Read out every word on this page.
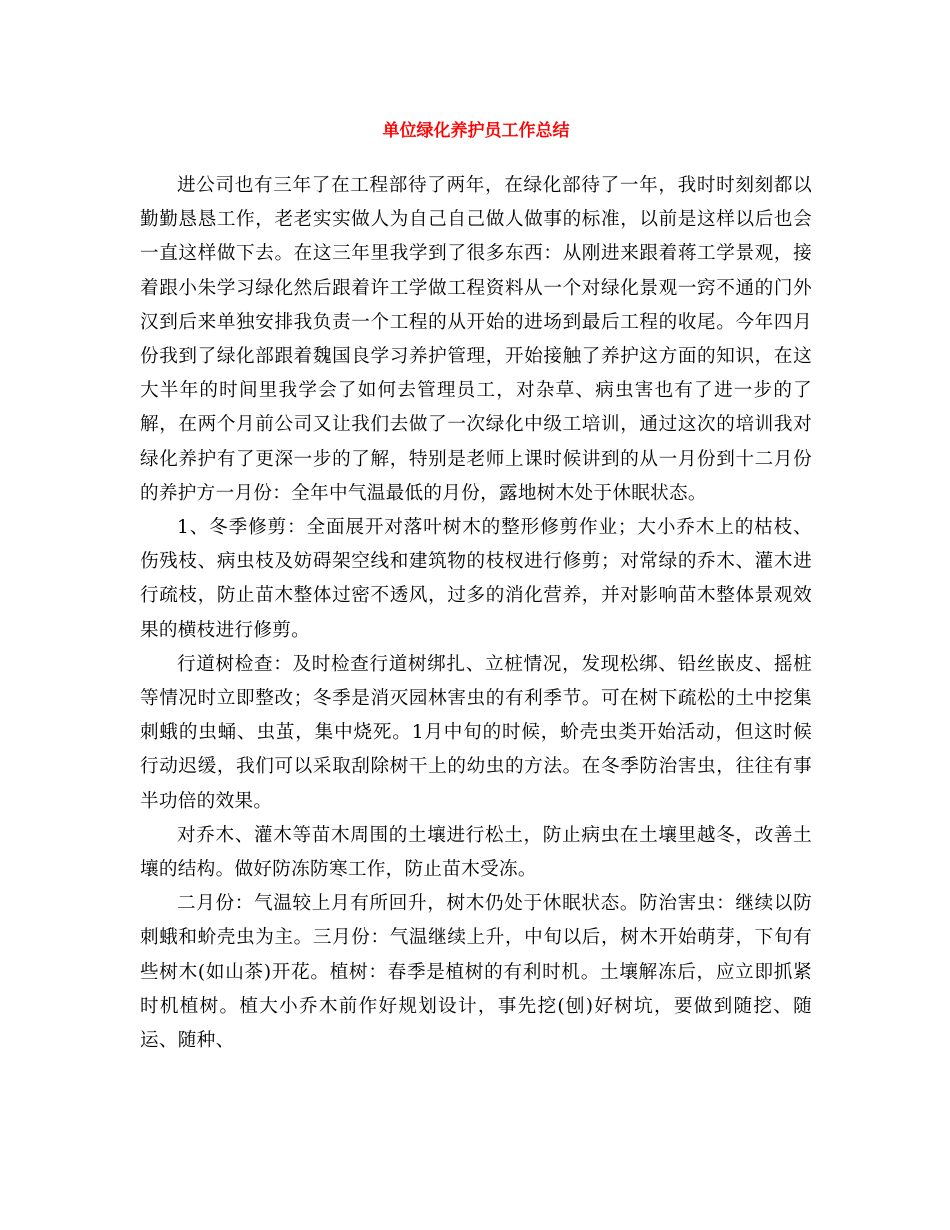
单位绿化养护员工作总结

进公司也有三年了在工程部待了两年，在绿化部待了一年，我时时刻刻都以勤勤恳恳工作，老老实实做人为自己自己做人做事的标准，以前是这样以后也会一直这样做下去。在这三年里我学到了很多东西：从刚进来跟着蒋工学景观，接着跟小朱学习绿化然后跟着许工学做工程资料从一个对绿化景观一窍不通的门外汉到后来单独安排我负责一个工程的从开始的进场到最后工程的收尾。今年四月份我到了绿化部跟着魏国良学习养护管理，开始接触了养护这方面的知识，在这大半年的时间里我学会了如何去管理员工，对杂草、病虫害也有了进一步的了解，在两个月前公司又让我们去做了一次绿化中级工培训，通过这次的培训我对绿化养护有了更深一步的了解，特别是老师上课时候讲到的从一月份到十二月份的养护方一月份：全年中气温最低的月份，露地树木处于休眠状态。

1、冬季修剪：全面展开对落叶树木的整形修剪作业；大小乔木上的枯枝、伤残枝、病虫枝及妨碍架空线和建筑物的枝杈进行修剪；对常绿的乔木、灌木进行疏枝，防止苗木整体过密不透风，过多的消化营养，并对影响苗木整体景观效果的横枝进行修剪。

行道树检查：及时检查行道树绑扎、立桩情况，发现松绑、铅丝嵌皮、摇桩等情况时立即整改；冬季是消灭园林害虫的有利季节。可在树下疏松的土中挖集刺蛾的虫蛹、虫茧，集中烧死。1月中旬的时候，蚧壳虫类开始活动，但这时候行动迟缓，我们可以采取刮除树干上的幼虫的方法。在冬季防治害虫，往往有事半功倍的效果。

对乔木、灌木等苗木周围的土壤进行松土，防止病虫在土壤里越冬，改善土壤的结构。做好防冻防寒工作，防止苗木受冻。

二月份：气温较上月有所回升，树木仍处于休眠状态。防治害虫：继续以防刺蛾和蚧壳虫为主。三月份：气温继续上升，中旬以后，树木开始萌芽，下旬有些树木(如山茶)开花。植树：春季是植树的有利时机。土壤解冻后，应立即抓紧时机植树。植大小乔木前作好规划设计，事先挖(刨)好树坑，要做到随挖、随运、随种、
